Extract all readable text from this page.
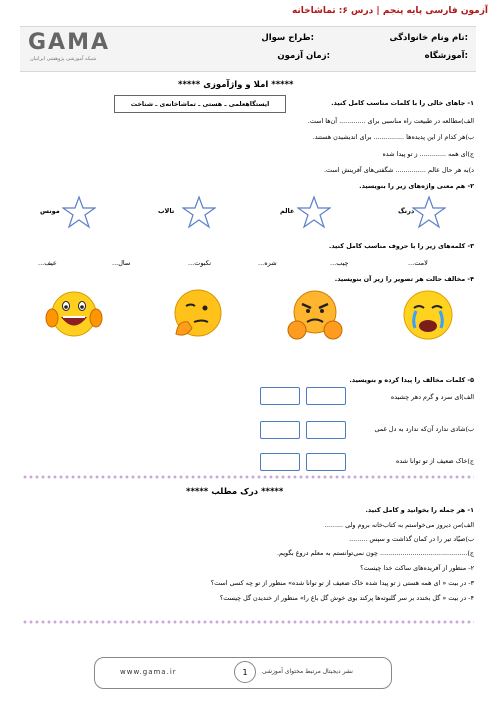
آزمون فارسی پایه پنجم | درس ۶: تماشاخانه
GAMA
شبکه آموزشی پژوهشی ایرانیان
نام ونام خانوادگی:
طراح سوال:
آموزشگاه:
زمان آزمون:
***** املا و واژآموزی *****
۱- جاهای خالی را با کلمات مناسب کامل کنید.
ایستگاهعلمی ـ هستی ـ تماشاخانه‌ی ـ شناخت
الف)مطالعه در طبیعت راه مناسبی برای ............. آن‌ها است.
ب)هر کدام از این پدیده‌ها ............... برای اندیشیدن هستند.
ج)ای همه ............. ز تو پیدا شده
د)به هر حال عالم ............... شگفتی‌های آفرینش است.
۲- هم معنی واژه‌های زیر را بنویسید.
درنگ
عالم
تالاب
مونس
۳- کلمه‌های زیر را با حروف مناسب کامل کنید.
...لامت
...چیب
...شره
...نکبوت
...سال
...عیف
۴- مخالف حالت هر تصویر را زیر آن بنویسید.
۵- کلمات مخالف را پیدا کرده و بنویسید.
الف)ای سرد و گرم دهر چشیده
ب)شادی ندارد آن‌که ندارد به دل غمی
ج)خاک ضعیف از تو توانا شده
***** درک مطلب *****
۱- هر جمله را بخوانید و کامل کنید.
الف)من دیروز می‌خواستم به کتاب‌خانه بروم ولی .........
ب)صیّاد تیر را در کمان گذاشت و سپس .........
ج)........................................... چون نمی‌توانستم به معلم دروغ بگویم.
۲- منظور از آفریده‌های ساکت خدا چیست؟
۳- در بیت « ای همه هستی ز تو پیدا شده خاک ضعیف از تو توانا شده» منظور از تو چه کسی است؟
۴- در بیت « گل بخندد بر سر گلبوته‌ها پرکند بوی خوش گل باغ را» منظور از خندیدن گل چیست؟
www.gama.ir	1	نشر دیجیتال مرتبط محتوای آموزشی
